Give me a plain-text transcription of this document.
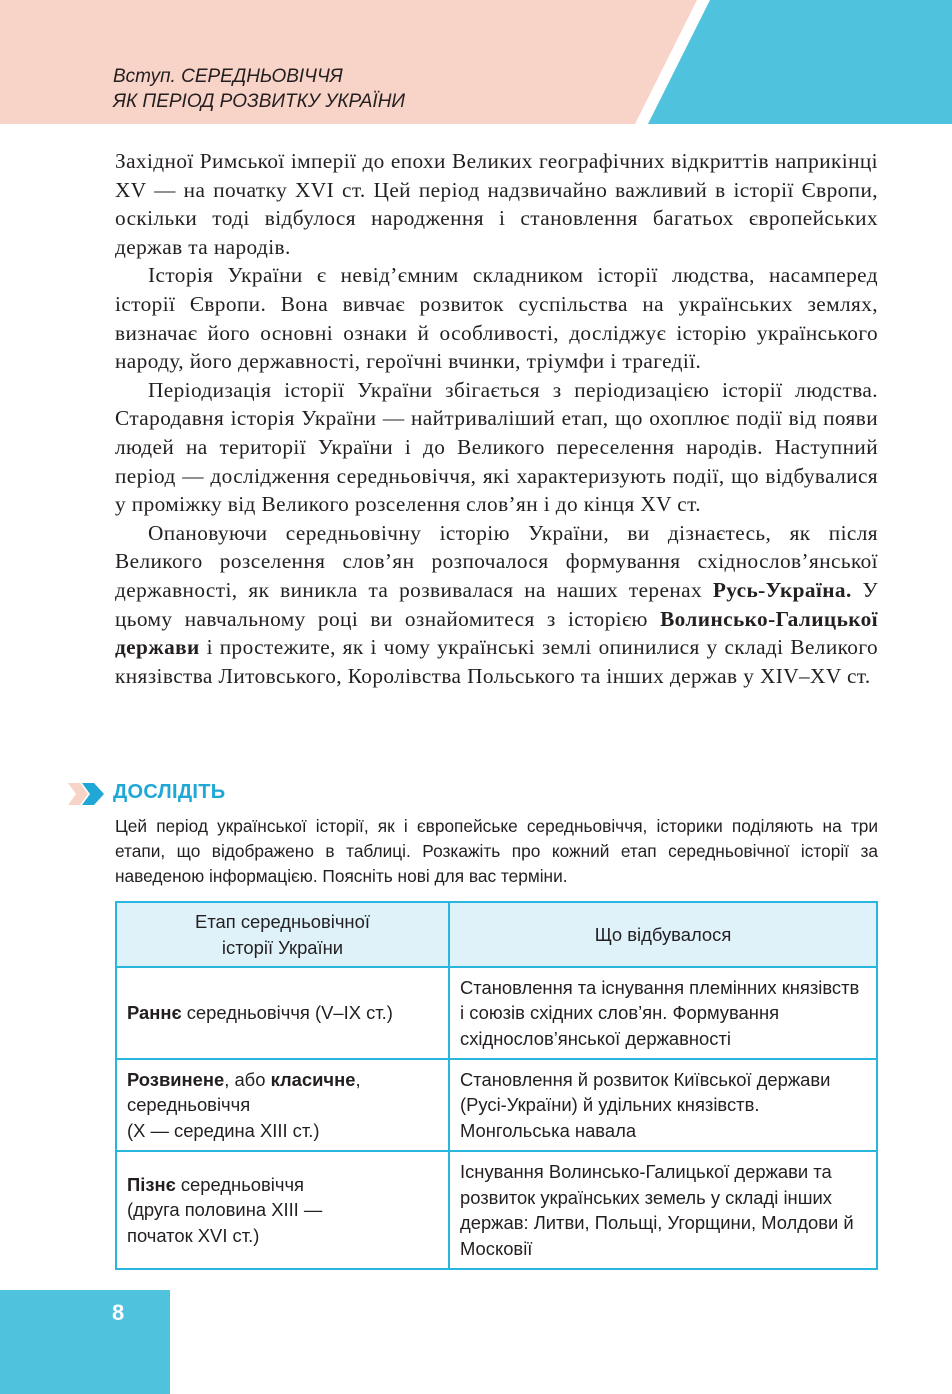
Вступ. СЕРЕДНЬОВІЧЧЯ
ЯК ПЕРІОД РОЗВИТКУ УКРАЇНИ

Західної Римської імперії до епохи Великих географічних відкриттів наприкінці XV — на початку XVI ст. Цей період надзвичайно важливий в історії Європи, оскільки тоді відбулося народження і становлення багатьох європейських держав та народів.

Історія України є невід’ємним складником історії людства, насамперед історії Європи. Вона вивчає розвиток суспільства на українських землях, визначає його основні ознаки й особливості, досліджує історію українського народу, його державності, героїчні вчинки, тріумфи і трагедії.

Періодизація історії України збігається з періодизацією історії людства. Стародавня історія України — найтриваліший етап, що охоплює події від появи людей на території України і до Великого переселення народів. Наступний період — дослідження середньовіччя, які характеризують події, що відбувалися у проміжку від Великого розселення слов’ян і до кінця XV ст.

Опановуючи середньовічну історію України, ви дізнаєтесь, як після Великого розселення слов’ян розпочалося формування східнослов’янської державності, як виникла та розвивалася на наших теренах Русь-Україна. У цьому навчальному році ви ознайомитеся з історією Волинсько-Галицької держави і простежите, як і чому українські землі опинилися у складі Великого князівства Литовського, Королівства Польського та інших держав у XIV–XV ст.

ДОСЛІДІТЬ
Цей період української історії, як і європейське середньовіччя, історики поділяють на три етапи, що відображено в таблиці. Розкажіть про кожний етап середньовічної історії за наведеною інформацією. Поясніть нові для вас терміни.
Етап середньовічної
історії України	Що відбувалося
Раннє середньовіччя (V–IX ст.)	Становлення та існування племінних князівств і союзів східних слов’ян. Формування східнослов’янської державності

Розвинене, або класичне,
середньовіччя
(X — середина XIII ст.)	Становлення й розвиток Київської держави (Русі-України) й удільних князівств. Монгольська навала

Пізнє середньовіччя
(друга половина XIII —
початок XVI ст.)	Існування Волинсько-Галицької держави та розвиток українських земель у складі інших держав: Литви, Польщі, Угорщини, Молдови й Московії
8
